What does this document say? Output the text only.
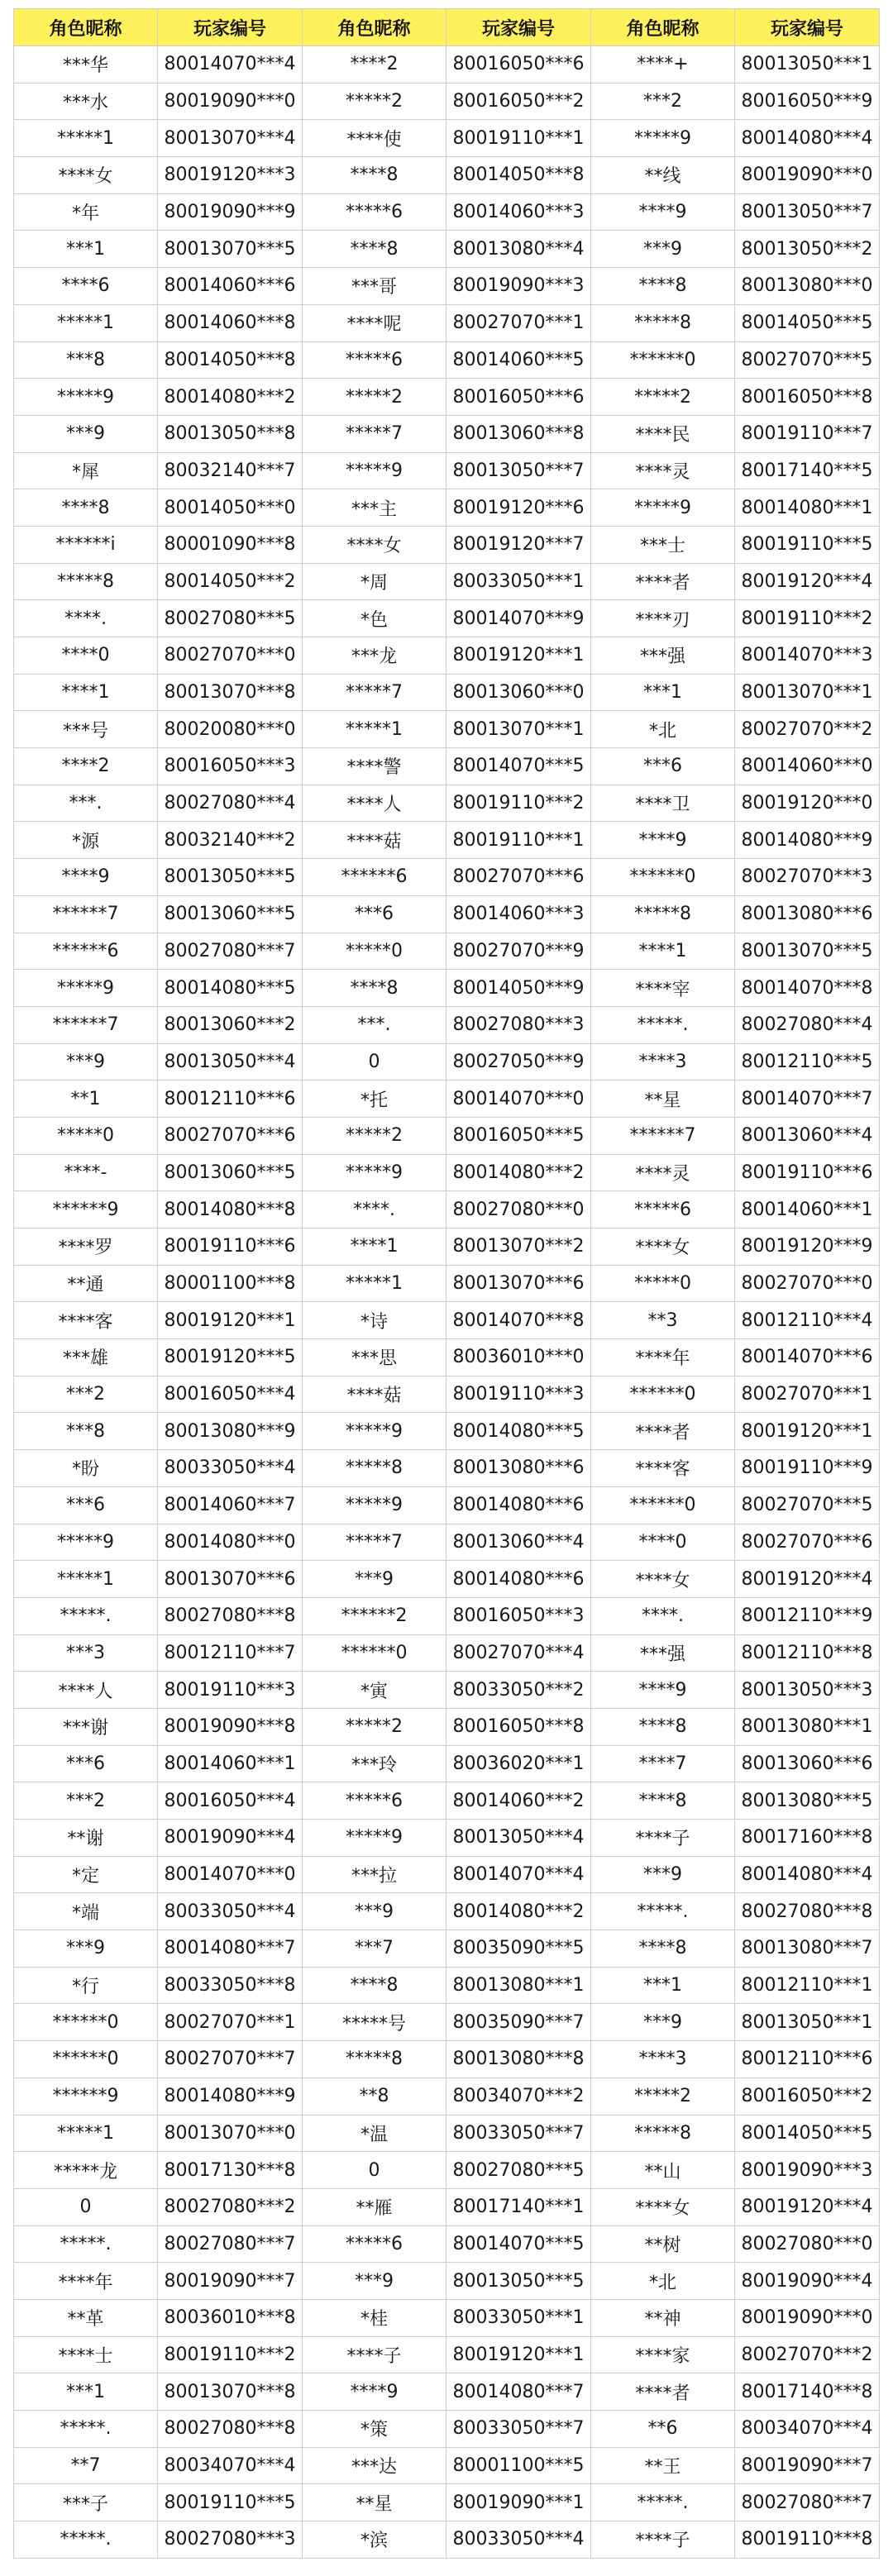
角色昵称	玩家编号	角色昵称	玩家编号	角色昵称	玩家编号
***华	80014070***4	****2	80016050***6	****+	80013050***1
***水	80019090***0	*****2	80016050***2	***2	80016050***9
*****1	80013070***4	****使	80019110***1	*****9	80014080***4
****女	80019120***3	****8	80014050***8	**线	80019090***0
*年	80019090***9	*****6	80014060***3	****9	80013050***7
***1	80013070***5	****8	80013080***4	***9	80013050***2
****6	80014060***6	***哥	80019090***3	****8	80013080***0
*****1	80014060***8	****呢	80027070***1	*****8	80014050***5
***8	80014050***8	*****6	80014060***5	******0	80027070***5
*****9	80014080***2	*****2	80016050***6	*****2	80016050***8
***9	80013050***8	*****7	80013060***8	****民	80019110***7
*犀	80032140***7	*****9	80013050***7	****灵	80017140***5
****8	80014050***0	***主	80019120***6	*****9	80014080***1
******i	80001090***8	****女	80019120***7	***士	80019110***5
*****8	80014050***2	*周	80033050***1	****者	80019120***4
****.	80027080***5	*色	80014070***9	****刃	80019110***2
****0	80027070***0	***龙	80019120***1	***强	80014070***3
****1	80013070***8	*****7	80013060***0	***1	80013070***1
***号	80020080***0	*****1	80013070***1	*北	80027070***2
****2	80016050***3	****警	80014070***5	***6	80014060***0
***.	80027080***4	****人	80019110***2	****卫	80019120***0
*源	80032140***2	****菇	80019110***1	****9	80014080***9
****9	80013050***5	******6	80027070***6	******0	80027070***3
******7	80013060***5	***6	80014060***3	*****8	80013080***6
******6	80027080***7	*****0	80027070***9	****1	80013070***5
*****9	80014080***5	****8	80014050***9	****宰	80014070***8
******7	80013060***2	***.	80027080***3	*****.	80027080***4
***9	80013050***4	0	80027050***9	****3	80012110***5
**1	80012110***6	*托	80014070***0	**星	80014070***7
*****0	80027070***6	*****2	80016050***5	******7	80013060***4
****-	80013060***5	*****9	80014080***2	****灵	80019110***6
******9	80014080***8	****.	80027080***0	*****6	80014060***1
****罗	80019110***6	****1	80013070***2	****女	80019120***9
**通	80001100***8	*****1	80013070***6	*****0	80027070***0
****客	80019120***1	*诗	80014070***8	**3	80012110***4
***雄	80019120***5	***思	80036010***0	****年	80014070***6
***2	80016050***4	****菇	80019110***3	******0	80027070***1
***8	80013080***9	*****9	80014080***5	****者	80019120***1
*盼	80033050***4	*****8	80013080***6	****客	80019110***9
***6	80014060***7	*****9	80014080***6	******0	80027070***5
*****9	80014080***0	*****7	80013060***4	****0	80027070***6
*****1	80013070***6	***9	80014080***6	****女	80019120***4
*****.	80027080***8	******2	80016050***3	****.	80012110***9
***3	80012110***7	******0	80027070***4	***强	80012110***8
****人	80019110***3	*寅	80033050***2	****9	80013050***3
***谢	80019090***8	*****2	80016050***8	****8	80013080***1
***6	80014060***1	***玲	80036020***1	****7	80013060***6
***2	80016050***4	*****6	80014060***2	****8	80013080***5
**谢	80019090***4	*****9	80013050***4	****子	80017160***8
*定	80014070***0	***拉	80014070***4	***9	80014080***4
*端	80033050***4	***9	80014080***2	*****.	80027080***8
***9	80014080***7	***7	80035090***5	****8	80013080***7
*行	80033050***8	****8	80013080***1	***1	80012110***1
******0	80027070***1	*****号	80035090***7	***9	80013050***1
******0	80027070***7	*****8	80013080***8	****3	80012110***6
******9	80014080***9	**8	80034070***2	*****2	80016050***2
*****1	80013070***0	*温	80033050***7	*****8	80014050***5
*****龙	80017130***8	0	80027080***5	**山	80019090***3
0	80027080***2	**雁	80017140***1	****女	80019120***4
*****.	80027080***7	*****6	80014070***5	**树	80027080***0
****年	80019090***7	***9	80013050***5	*北	80019090***4
**革	80036010***8	*桂	80033050***1	**神	80019090***0
****士	80019110***2	****子	80019120***1	****家	80027070***2
***1	80013070***8	****9	80014080***7	****者	80017140***8
*****.	80027080***8	*策	80033050***7	**6	80034070***4
**7	80034070***4	***达	80001100***5	**王	80019090***7
***子	80019110***5	**星	80019090***1	*****.	80027080***7
*****.	80027080***3	*滨	80033050***4	****子	80019110***8
